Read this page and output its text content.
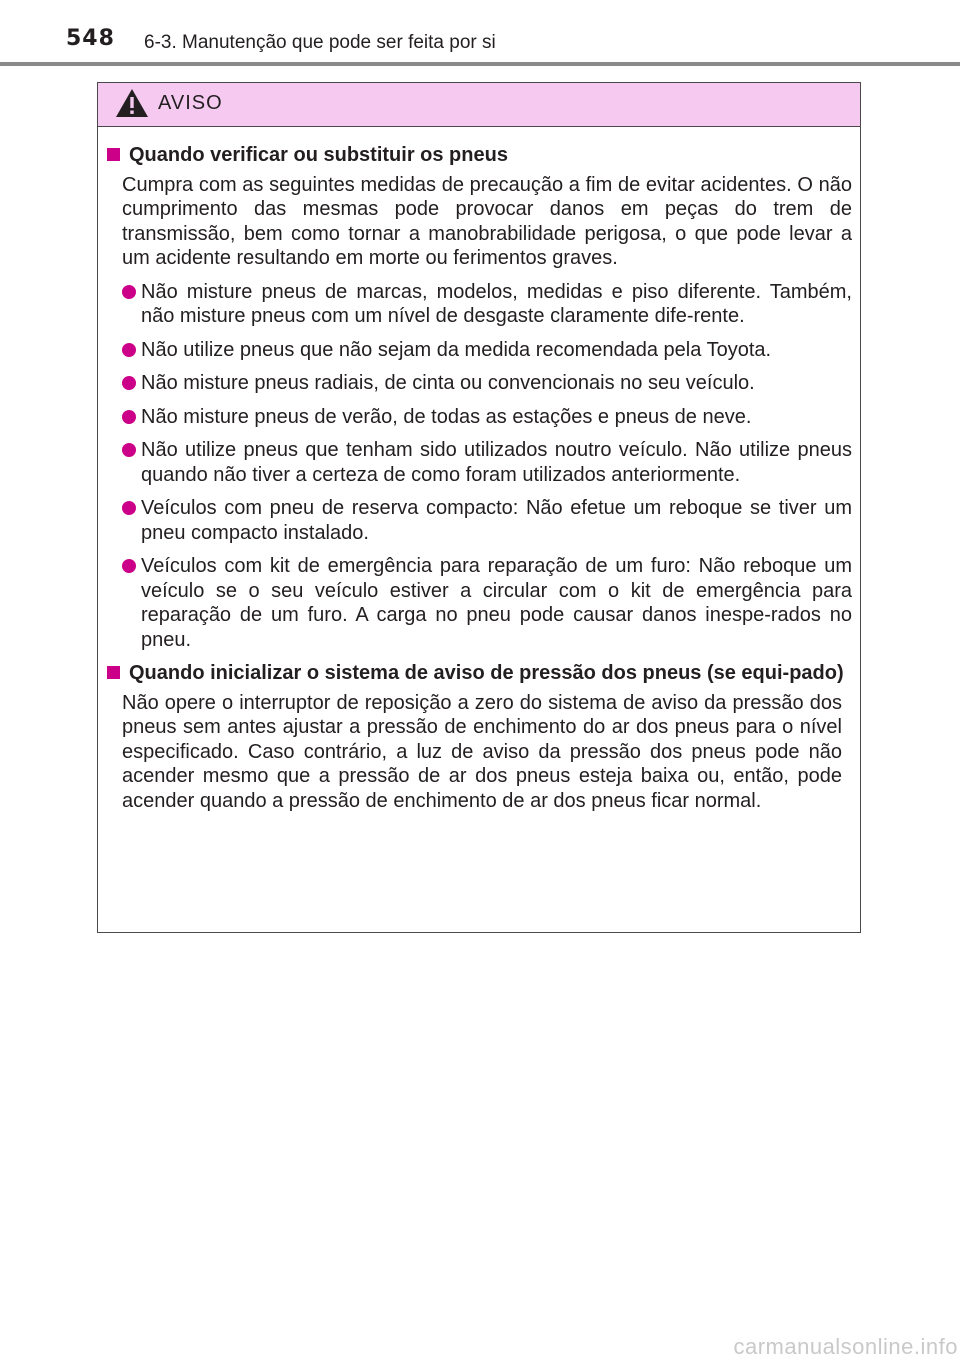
548 6-3. Manutenção que pode ser feita por si
AVISO
Quando verificar ou substituir os pneus
Cumpra com as seguintes medidas de precaução a fim de evitar acidentes. O não cumprimento das mesmas pode provocar danos em peças do trem de transmissão, bem como tornar a manobrabilidade perigosa, o que pode levar a um acidente resultando em morte ou ferimentos graves.
Não misture pneus de marcas, modelos, medidas e piso diferente. Também, não misture pneus com um nível de desgaste claramente dife-rente.
Não utilize pneus que não sejam da medida recomendada pela Toyota.
Não misture pneus radiais, de cinta ou convencionais no seu veículo.
Não misture pneus de verão, de todas as estações e pneus de neve.
Não utilize pneus que tenham sido utilizados noutro veículo. Não utilize pneus quando não tiver a certeza de como foram utilizados anteriormente.
Veículos com pneu de reserva compacto: Não efetue um reboque se tiver um pneu compacto instalado.
Veículos com kit de emergência para reparação de um furo: Não reboque um veículo se o seu veículo estiver a circular com o kit de emergência para reparação de um furo. A carga no pneu pode causar danos inespe-rados no pneu.
Quando inicializar o sistema de aviso de pressão dos pneus (se equi-pado)
Não opere o interruptor de reposição a zero do sistema de aviso da pressão dos pneus sem antes ajustar a pressão de enchimento do ar dos pneus para o nível especificado. Caso contrário, a luz de aviso da pressão dos pneus pode não acender mesmo que a pressão de ar dos pneus esteja baixa ou, então, pode acender quando a pressão de enchimento de ar dos pneus ficar normal.
carmanualsonline.info
